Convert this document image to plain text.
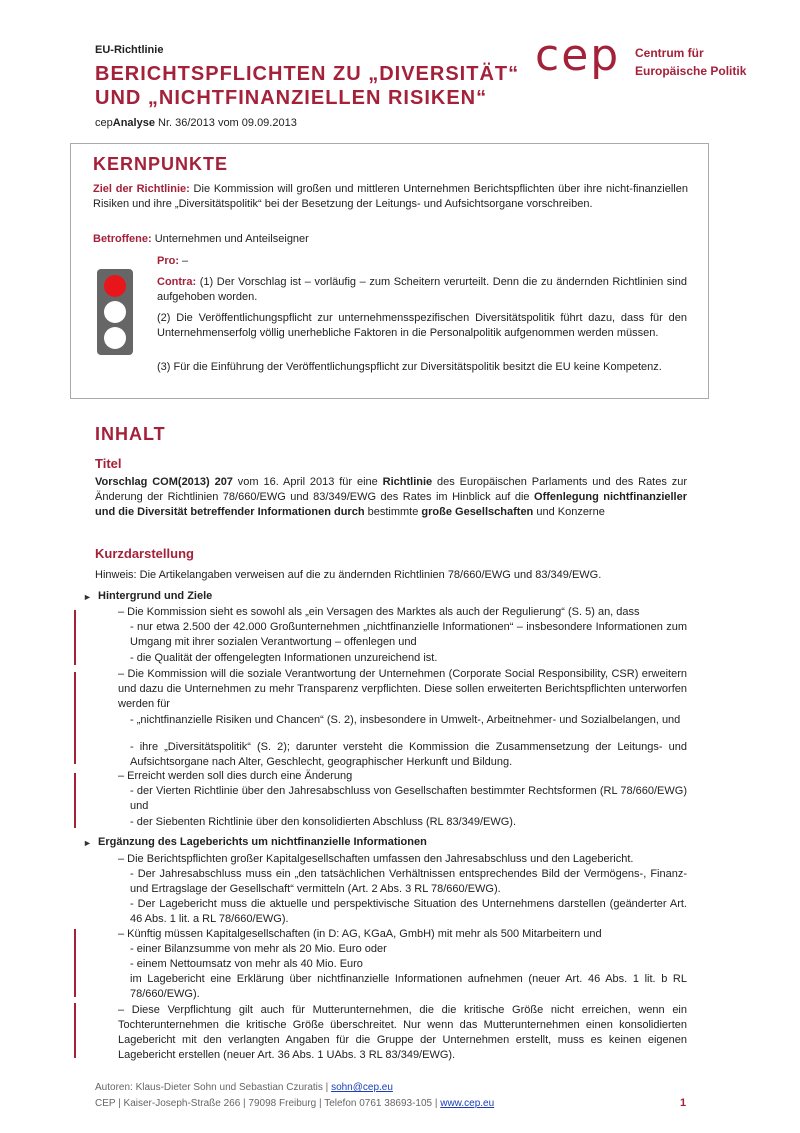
EU-Richtlinie
BERICHTSPFLICHTEN ZU „DIVERSITÄT“
UND „NICHTFINANZIELLEN RISIKEN“
cepAnalyse Nr. 36/2013 vom 09.09.2013
cep Centrum für
Europäische Politik
KERNPUNKTE
Ziel der Richtlinie: Die Kommission will großen und mittleren Unternehmen Berichtspflichten über ihre nicht-finanziellen Risiken und ihre „Diversitätspolitik“ bei der Besetzung der Leitungs- und Aufsichtsorgane vorschreiben.
Betroffene: Unternehmen und Anteilseigner
Pro: –
Contra: (1) Der Vorschlag ist – vorläufig – zum Scheitern verurteilt. Denn die zu ändernden Richtlinien sind aufgehoben worden.
(2) Die Veröffentlichungspflicht zur unternehmensspezifischen Diversitätspolitik führt dazu, dass für den Unternehmenserfolg völlig unerhebliche Faktoren in die Personalpolitik aufgenommen werden müssen.
(3) Für die Einführung der Veröffentlichungspflicht zur Diversitätspolitik besitzt die EU keine Kompetenz.
INHALT
Titel
Vorschlag COM(2013) 207 vom 16. April 2013 für eine Richtlinie des Europäischen Parlaments und des Rates zur Änderung der Richtlinien 78/660/EWG und 83/349/EWG des Rates im Hinblick auf die Offenlegung nichtfinanzieller und die Diversität betreffender Informationen durch bestimmte große Gesellschaften und Konzerne
Kurzdarstellung
Hinweis: Die Artikelangaben verweisen auf die zu ändernden Richtlinien 78/660/EWG und 83/349/EWG.
► Hintergrund und Ziele
– Die Kommission sieht es sowohl als „ein Versagen des Marktes als auch der Regulierung“ (S. 5) an, dass
- nur etwa 2.500 der 42.000 Großunternehmen „nichtfinanzielle Informationen“ – insbesondere Informationen zum Umgang mit ihrer sozialen Verantwortung – offenlegen und
- die Qualität der offengelegten Informationen unzureichend ist.
– Die Kommission will die soziale Verantwortung der Unternehmen (Corporate Social Responsibility, CSR) erweitern und dazu die Unternehmen zu mehr Transparenz verpflichten. Diese sollen erweiterten Berichtspflichten unterworfen werden für
- „nichtfinanzielle Risiken und Chancen“ (S. 2), insbesondere in Umwelt-, Arbeitnehmer- und Sozialbelangen, und
- ihre „Diversitätspolitik“ (S. 2); darunter versteht die Kommission die Zusammensetzung der Leitungs- und Aufsichtsorgane nach Alter, Geschlecht, geographischer Herkunft und Bildung.
– Erreicht werden soll dies durch eine Änderung
- der Vierten Richtlinie über den Jahresabschluss von Gesellschaften bestimmter Rechtsformen (RL 78/660/EWG) und
- der Siebenten Richtlinie über den konsolidierten Abschluss (RL 83/349/EWG).
► Ergänzung des Lageberichts um nichtfinanzielle Informationen
– Die Berichtspflichten großer Kapitalgesellschaften umfassen den Jahresabschluss und den Lagebericht.
- Der Jahresabschluss muss ein „den tatsächlichen Verhältnissen entsprechendes Bild der Vermögens-, Finanz- und Ertragslage der Gesellschaft“ vermitteln (Art. 2 Abs. 3 RL 78/660/EWG).
- Der Lagebericht muss die aktuelle und perspektivische Situation des Unternehmens darstellen (geänderter Art. 46 Abs. 1 lit. a RL 78/660/EWG).
– Künftig müssen Kapitalgesellschaften (in D: AG, KGaA, GmbH) mit mehr als 500 Mitarbeitern und
- einer Bilanzsumme von mehr als 20 Mio. Euro oder
- einem Nettoumsatz von mehr als 40 Mio. Euro
im Lagebericht eine Erklärung über nichtfinanzielle Informationen aufnehmen (neuer Art. 46 Abs. 1 lit. b RL 78/660/EWG).
– Diese Verpflichtung gilt auch für Mutterunternehmen, die die kritische Größe nicht erreichen, wenn ein Tochterunternehmen die kritische Größe überschreitet. Nur wenn das Mutterunternehmen einen konsolidierten Lagebericht mit den verlangten Angaben für die Gruppe der Unternehmen erstellt, muss es keinen eigenen Lagebericht erstellen (neuer Art. 36 Abs. 1 UAbs. 3 RL 83/349/EWG).
Autoren: Klaus-Dieter Sohn und Sebastian Czuratis | sohn@cep.eu
CEP | Kaiser-Joseph-Straße 266 | 79098 Freiburg | Telefon 0761 38693-105 | www.cep.eu	1
